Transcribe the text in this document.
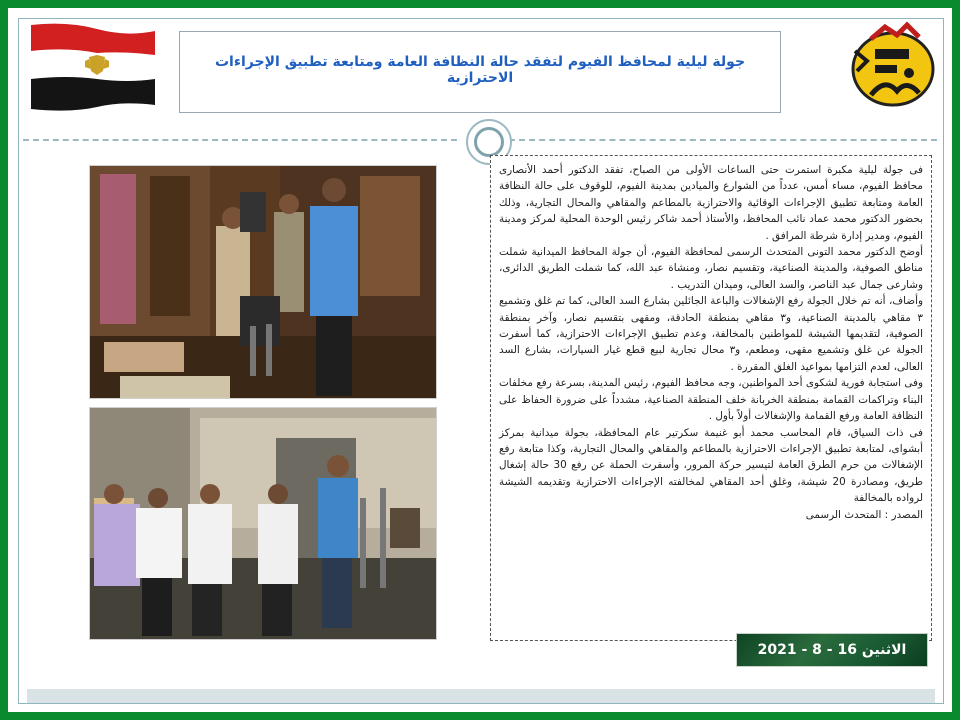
جولة ليلية لمحافظ الفيوم لتفقد حالة النظافة العامة ومتابعة تطبيق الإجراءات الاحترازية

فى جولة ليلية مكبرة استمرت حتى الساعات الأولى من الصباح، تفقد الدكتور أحمد الأنصارى محافظ الفيوم، مساء أمس، عدداً من الشوارع والميادين بمدينة الفيوم، للوقوف على حالة النظافة العامة ومتابعة تطبيق الإجراءات الوقائية والاحترازية بالمطاعم والمقاهي والمحال التجارية، وذلك بحضور الدكتور محمد عماد نائب المحافظ، والأستاذ أحمد شاكر رئيس الوحدة المحلية لمركز ومدينة الفيوم، ومدير إدارة شرطة المرافق .

أوضح الدكتور محمد التونى المتحدث الرسمى لمحافظة الفيوم، أن جولة المحافظ الميدانية شملت مناطق الصوفية، والمدينة الصناعية، وتقسيم نصار، ومنشاة عبد الله، كما شملت الطريق الدائرى، وشارعى جمال عبد الناصر، والسد العالى، وميدان التدريب .

وأضاف، أنه تم خلال الجولة رفع الإشغالات والباعة الجائلين بشارع السد العالى، كما تم غلق وتشميع ٣ مقاهي بالمدينة الصناعية، و٣ مقاهي بمنطقة الحادقة، ومقهى بتقسيم نصار، وآخر بمنطقة الصوفية، لتقديمها الشيشة للمواطنين بالمخالفة، وعدم تطبيق الإجراءات الاحترازية، كما أسفرت الجولة عن غلق وتشميع مقهى، ومطعم، و٣ محال تجارية لبيع قطع غيار السيارات، بشارع السد العالى، لعدم التزامها بمواعيد الغلق المقررة .

وفى استجابة فورية لشكوى أحد المواطنين، وجه محافظ الفيوم، رئيس المدينة، بسرعة رفع مخلفات البناء وتراكمات القمامة بمنطقة الخربانة خلف المنطقة الصناعية، مشدداً على ضرورة الحفاظ على النظافة العامة ورفع القمامة والإشغالات أولاً بأول .

فى ذات السياق، قام المحاسب محمد أبو غنيمة سكرتير عام المحافظة، بجولة ميدانية بمركز أبشواى، لمتابعة تطبيق الإجراءات الاحترازية بالمطاعم والمقاهي والمحال التجارية، وكذا متابعة رفع الإشغالات من حرم الطرق العامة لتيسير حركة المرور، وأسفرت الحملة عن رفع 30 حالة إشغال طريق، ومصادرة 20 شيشة، وغلق أحد المقاهي لمخالفته الإجراءات الاحترازية وتقديمه الشيشة لرواده بالمخالفة

المصدر : المتحدث الرسمى

الاثنين 16 - 8 - 2021
